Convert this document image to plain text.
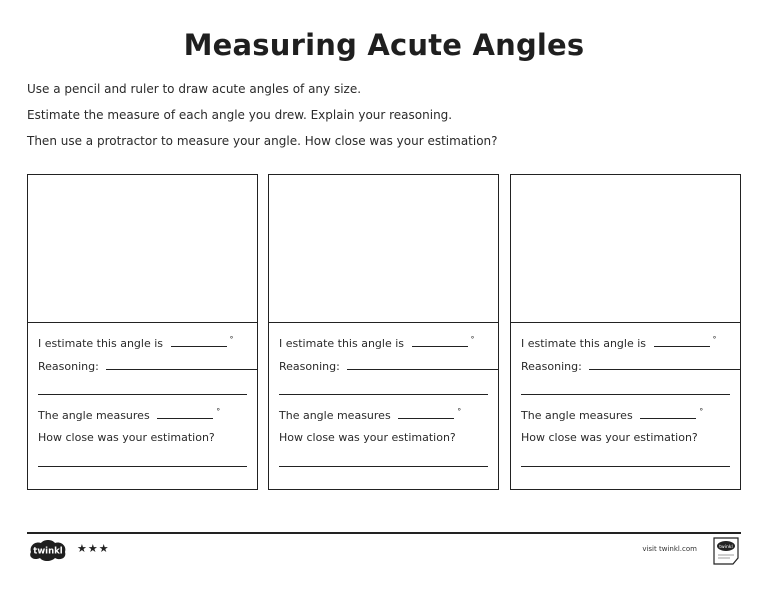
Measuring Acute Angles
Use a pencil and ruler to draw acute angles of any size.
Estimate the measure of each angle you drew. Explain your reasoning.
Then use a protractor to measure your angle. How close was your estimation?
I estimate this angle is	°
Reasoning:
The angle measures	°
How close was your estimation?
I estimate this angle is	°
Reasoning:
The angle measures	°
How close was your estimation?
I estimate this angle is	°
Reasoning:
The angle measures	°
How close was your estimation?
twinkl ★★★	visit twinkl.com	twinkl
